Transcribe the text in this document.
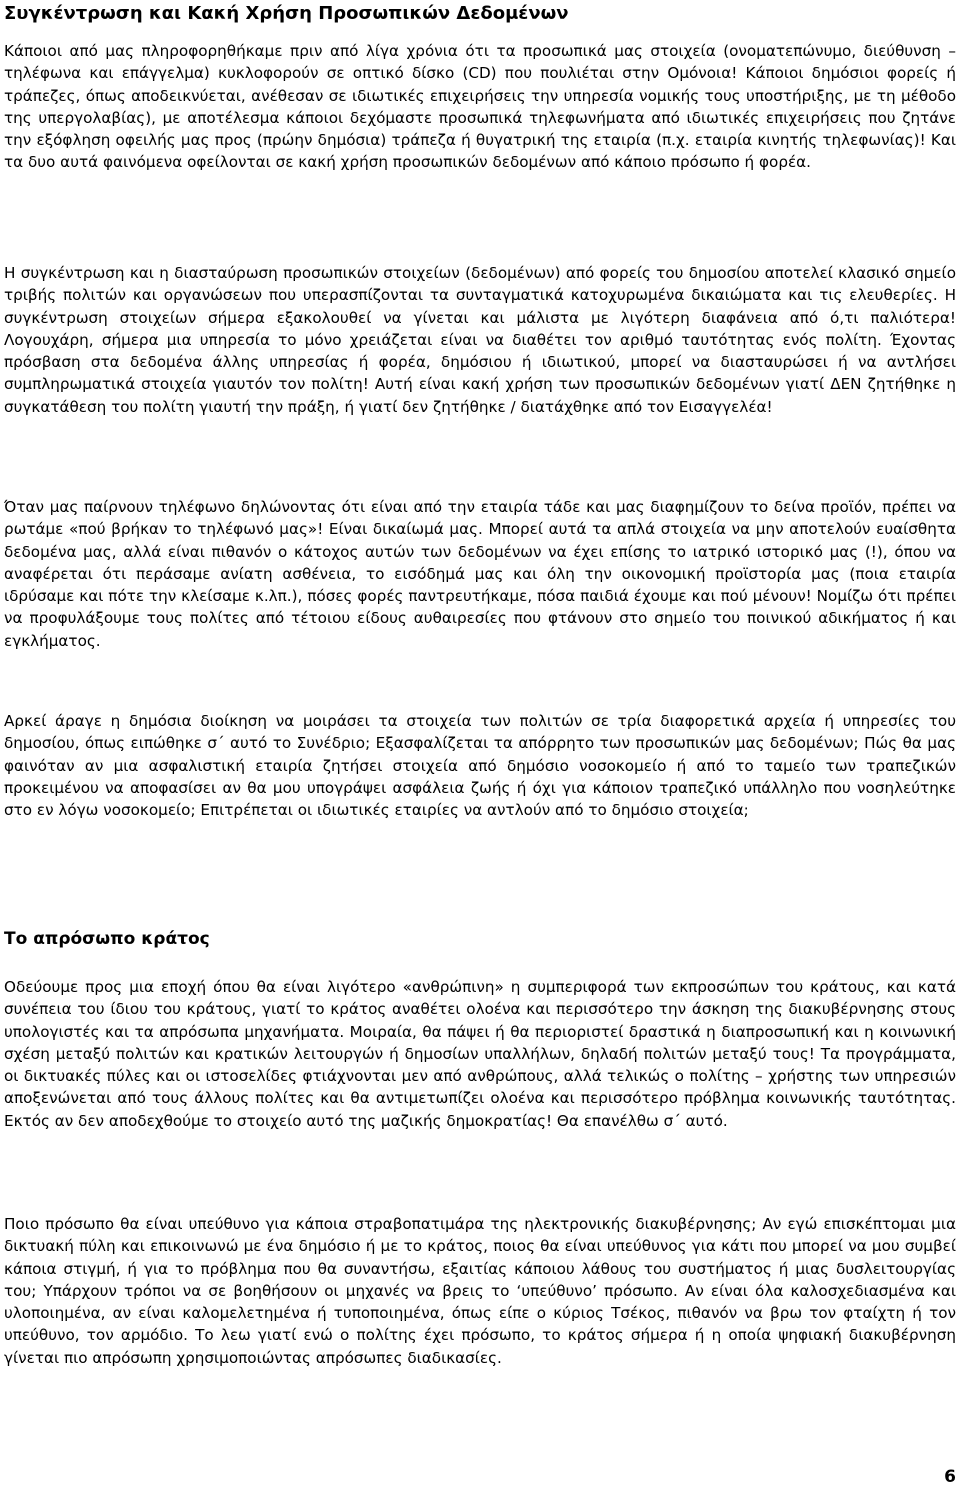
Συγκέντρωση και Κακή Χρήση Προσωπικών Δεδομένων

Κάποιοι από μας πληροφορηθήκαμε πριν από λίγα χρόνια ότι τα προσωπικά μας στοιχεία (ονοματεπώνυμο, διεύθυνση – τηλέφωνα και επάγγελμα) κυκλοφορούν σε οπτικό δίσκο (CD) που πουλιέται στην Ομόνοια! Κάποιοι δημόσιοι φορείς ή τράπεζες, όπως αποδεικνύεται, ανέθεσαν σε ιδιωτικές επιχειρήσεις την υπηρεσία νομικής τους υποστήριξης, με τη μέθοδο της υπεργολαβίας), με αποτέλεσμα κάποιοι δεχόμαστε προσωπικά τηλεφωνήματα από ιδιωτικές επιχειρήσεις που ζητάνε την εξόφληση οφειλής μας προς (πρώην δημόσια) τράπεζα ή θυγατρική της εταιρία (π.χ. εταιρία κινητής τηλεφωνίας)! Και τα δυο αυτά φαινόμενα οφείλονται σε κακή χρήση προσωπικών δεδομένων από κάποιο πρόσωπο ή φορέα.

Η συγκέντρωση και η διασταύρωση προσωπικών στοιχείων (δεδομένων) από φορείς του δημοσίου αποτελεί κλασικό σημείο τριβής πολιτών και οργανώσεων που υπερασπίζονται τα συνταγματικά κατοχυρωμένα δικαιώματα και τις ελευθερίες. Η συγκέντρωση στοιχείων σήμερα εξακολουθεί να γίνεται και μάλιστα με λιγότερη διαφάνεια από ό,τι παλιότερα! Λογουχάρη, σήμερα μια υπηρεσία το μόνο χρειάζεται είναι να διαθέτει τον αριθμό ταυτότητας ενός πολίτη. Έχοντας πρόσβαση στα δεδομένα άλλης υπηρεσίας ή φορέα, δημόσιου ή ιδιωτικού, μπορεί να διασταυρώσει ή να αντλήσει συμπληρωματικά στοιχεία γιαυτόν τον πολίτη! Αυτή είναι κακή χρήση των προσωπικών δεδομένων γιατί ΔΕΝ ζητήθηκε η συγκατάθεση του πολίτη γιαυτή την πράξη, ή γιατί δεν ζητήθηκε / διατάχθηκε από τον Εισαγγελέα!

Όταν μας παίρνουν τηλέφωνο δηλώνοντας ότι είναι από την εταιρία τάδε και μας διαφημίζουν το δείνα προϊόν, πρέπει να ρωτάμε «πού βρήκαν το τηλέφωνό μας»! Είναι δικαίωμά μας. Μπορεί αυτά τα απλά στοιχεία να μην αποτελούν ευαίσθητα δεδομένα μας, αλλά είναι πιθανόν ο κάτοχος αυτών των δεδομένων να έχει επίσης το ιατρικό ιστορικό μας (!), όπου να αναφέρεται ότι περάσαμε ανίατη ασθένεια, το εισόδημά μας και όλη την οικονομική προϊστορία μας (ποια εταιρία ιδρύσαμε και πότε την κλείσαμε κ.λπ.), πόσες φορές παντρευτήκαμε, πόσα παιδιά έχουμε και πού μένουν! Νομίζω ότι πρέπει να προφυλάξουμε τους πολίτες από τέτοιου είδους αυθαιρεσίες που φτάνουν στο σημείο του ποινικού αδικήματος ή και εγκλήματος.

Αρκεί άραγε η δημόσια διοίκηση να μοιράσει τα στοιχεία των πολιτών σε τρία διαφορετικά αρχεία ή υπηρεσίες του δημοσίου, όπως ειπώθηκε σ΄ αυτό το Συνέδριο; Εξασφαλίζεται τα απόρρητο των προσωπικών μας δεδομένων; Πώς θα μας φαινόταν αν μια ασφαλιστική εταιρία ζητήσει στοιχεία από δημόσιο νοσοκομείο ή από το ταμείο των τραπεζικών προκειμένου να αποφασίσει αν θα μου υπογράψει ασφάλεια ζωής ή όχι για κάποιον τραπεζικό υπάλληλο που νοσηλεύτηκε στο εν λόγω νοσοκομείο; Επιτρέπεται οι ιδιωτικές εταιρίες να αντλούν από το δημόσιο στοιχεία;

Το απρόσωπο κράτος

Οδεύουμε προς μια εποχή όπου θα είναι λιγότερο «ανθρώπινη» η συμπεριφορά των εκπροσώπων του κράτους, και κατά συνέπεια του ίδιου του κράτους, γιατί το κράτος αναθέτει ολοένα και περισσότερο την άσκηση της διακυβέρνησης στους υπολογιστές και τα απρόσωπα μηχανήματα. Μοιραία, θα πάψει ή θα περιοριστεί δραστικά η διαπροσωπική και η κοινωνική σχέση μεταξύ πολιτών και κρατικών λειτουργών ή δημοσίων υπαλλήλων, δηλαδή πολιτών μεταξύ τους! Τα προγράμματα, οι δικτυακές πύλες και οι ιστοσελίδες φτιάχνονται μεν από ανθρώπους, αλλά τελικώς ο πολίτης – χρήστης των υπηρεσιών αποξενώνεται από τους άλλους πολίτες και θα αντιμετωπίζει ολοένα και περισσότερο πρόβλημα κοινωνικής ταυτότητας. Εκτός αν δεν αποδεχθούμε το στοιχείο αυτό της μαζικής δημοκρατίας! Θα επανέλθω σ΄ αυτό.

Ποιο πρόσωπο θα είναι υπεύθυνο για κάποια στραβοπατιμάρα της ηλεκτρονικής διακυβέρνησης; Αν εγώ επισκέπτομαι μια δικτυακή πύλη και επικοινωνώ με ένα δημόσιο ή με το κράτος, ποιος θα είναι υπεύθυνος για κάτι που μπορεί να μου συμβεί κάποια στιγμή, ή για το πρόβλημα που θα συναντήσω, εξαιτίας κάποιου λάθους του συστήματος ή μιας δυσλειτουργίας του; Υπάρχουν τρόποι να σε βοηθήσουν οι μηχανές να βρεις το ‘υπεύθυνο’ πρόσωπο. Αν είναι όλα καλοσχεδιασμένα και υλοποιημένα, αν είναι καλομελετημένα ή τυποποιημένα, όπως είπε ο κύριος Τσέκος, πιθανόν να βρω τον φταίχτη ή τον υπεύθυνο, τον αρμόδιο. Το λεω γιατί ενώ ο πολίτης έχει πρόσωπο, το κράτος σήμερα ή η οποία ψηφιακή διακυβέρνηση γίνεται πιο απρόσωπη χρησιμοποιώντας απρόσωπες διαδικασίες.

6
